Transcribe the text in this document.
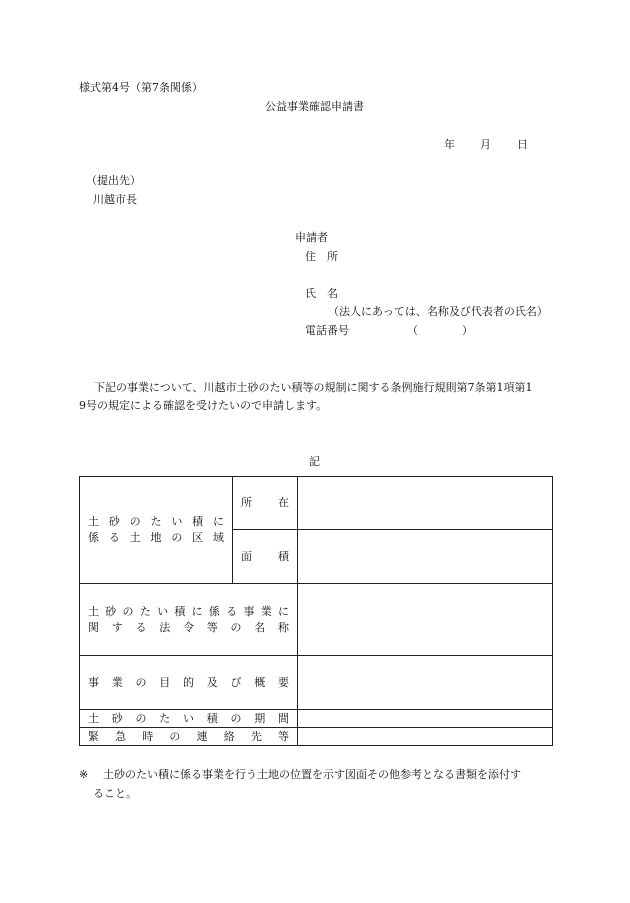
様式第4号（第7条関係）
公益事業確認申請書
年 月 日
（提出先）
川越市長
申請者
住　所
氏　名
（法人にあっては、名称及び代表者の氏名）
電話番号	（	）
下記の事業について、川越市土砂のたい積等の規制に関する条例施行規則第7条第1項第1
9号の規定による確認を受けたいので申請します。
記
土砂のたい積に
係る土地の区域	所　在	

	面　積	

土砂のたい積に係る事業に
関する法令等の名称		

事業の目的及び概要		

土砂のたい積の期間		

緊急時の連絡先等		

※ 土砂のたい積に係る事業を行う土地の位置を示す図面その他参考となる書類を添付す
ること。
